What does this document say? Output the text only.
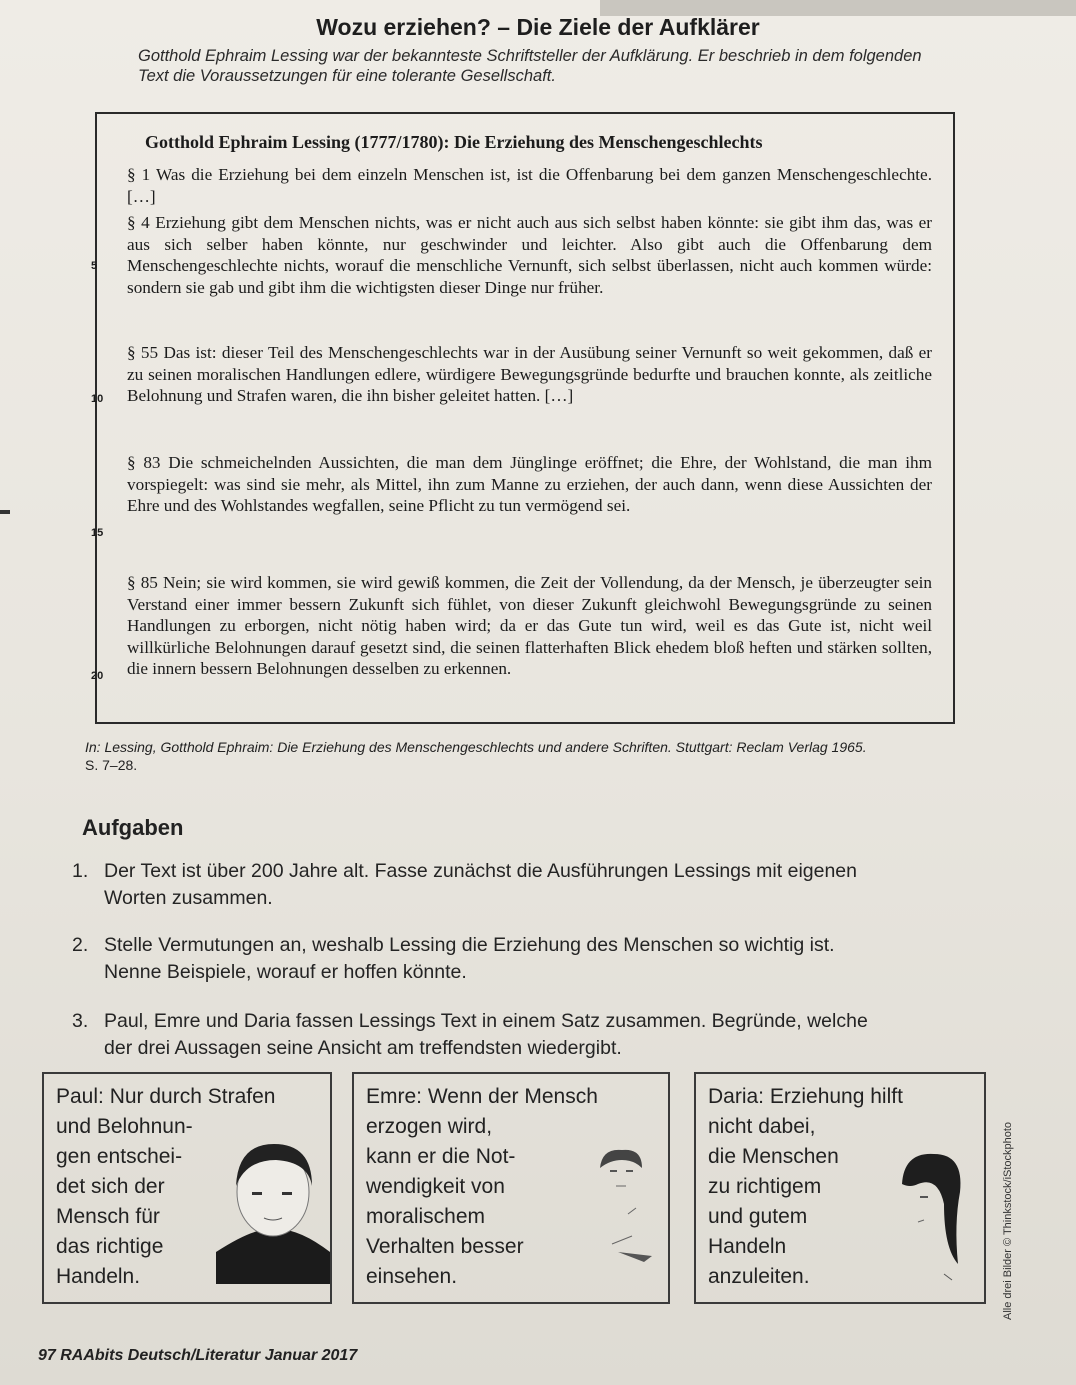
Wozu erziehen? – Die Ziele der Aufklärer
Gotthold Ephraim Lessing war der bekannteste Schriftsteller der Aufklärung. Er beschrieb in dem folgenden Text die Voraussetzungen für eine tolerante Gesellschaft.
Gotthold Ephraim Lessing (1777/1780): Die Erziehung des Menschengeschlechts
§ 1 Was die Erziehung bei dem einzeln Menschen ist, ist die Offenbarung bei dem ganzen Menschengeschlechte. […]
§ 4 Erziehung gibt dem Menschen nichts, was er nicht auch aus sich selbst haben könnte: sie gibt ihm das, was er aus sich selber haben könnte, nur geschwinder und leichter. Also gibt auch die Offenbarung dem Menschengeschlechte nichts, worauf die menschliche Vernunft, sich selbst überlassen, nicht auch kommen würde: sondern sie gab und gibt ihm die wichtigsten dieser Dinge nur früher.
5
§ 55 Das ist: dieser Teil des Menschengeschlechts war in der Ausübung seiner Vernunft so weit gekommen, daß er zu seinen moralischen Handlungen edlere, würdigere Bewegungsgründe bedurfte und brauchen konnte, als zeitliche Belohnung und Strafen waren, die ihn bisher geleitet hatten. […]
10
§ 83 Die schmeichelnden Aussichten, die man dem Jünglinge eröffnet; die Ehre, der Wohlstand, die man ihm vorspiegelt: was sind sie mehr, als Mittel, ihn zum Manne zu erziehen, der auch dann, wenn diese Aussichten der Ehre und des Wohlstandes wegfallen, seine Pflicht zu tun vermögend sei.
15
§ 85 Nein; sie wird kommen, sie wird gewiß kommen, die Zeit der Vollendung, da der Mensch, je überzeugter sein Verstand einer immer bessern Zukunft sich fühlet, von dieser Zukunft gleichwohl Bewegungsgründe zu seinen Handlungen zu erborgen, nicht nötig haben wird; da er das Gute tun wird, weil es das Gute ist, nicht weil willkürliche Belohnungen darauf gesetzt sind, die seinen flatterhaften Blick ehedem bloß heften und stärken sollten, die innern bessern Belohnungen desselben zu erkennen.
20
In: Lessing, Gotthold Ephraim: Die Erziehung des Menschengeschlechts und andere Schriften. Stuttgart: Reclam Verlag 1965.
S. 7–28.
Aufgaben
1. Der Text ist über 200 Jahre alt. Fasse zunächst die Ausführungen Lessings mit eigenen
Worten zusammen.
2. Stelle Vermutungen an, weshalb Lessing die Erziehung des Menschen so wichtig ist.
Nenne Beispiele, worauf er hoffen könnte.
3. Paul, Emre und Daria fassen Lessings Text in einem Satz zusammen. Begründe, welche
der drei Aussagen seine Ansicht am treffendsten wiedergibt.
Paul: Nur durch Strafen
und Belohnun-
gen entschei-
det sich der
Mensch für
das richtige
Handeln.
Emre: Wenn der Mensch
erzogen wird,
kann er die Not-
wendigkeit von
moralischem
Verhalten besser
einsehen.
Daria: Erziehung hilft
nicht dabei,
die Menschen
zu richtigem
und gutem
Handeln
anzuleiten.	Alle drei Bilder © Thinkstock/iStockphoto
97 RAAbits Deutsch/Literatur Januar 2017
